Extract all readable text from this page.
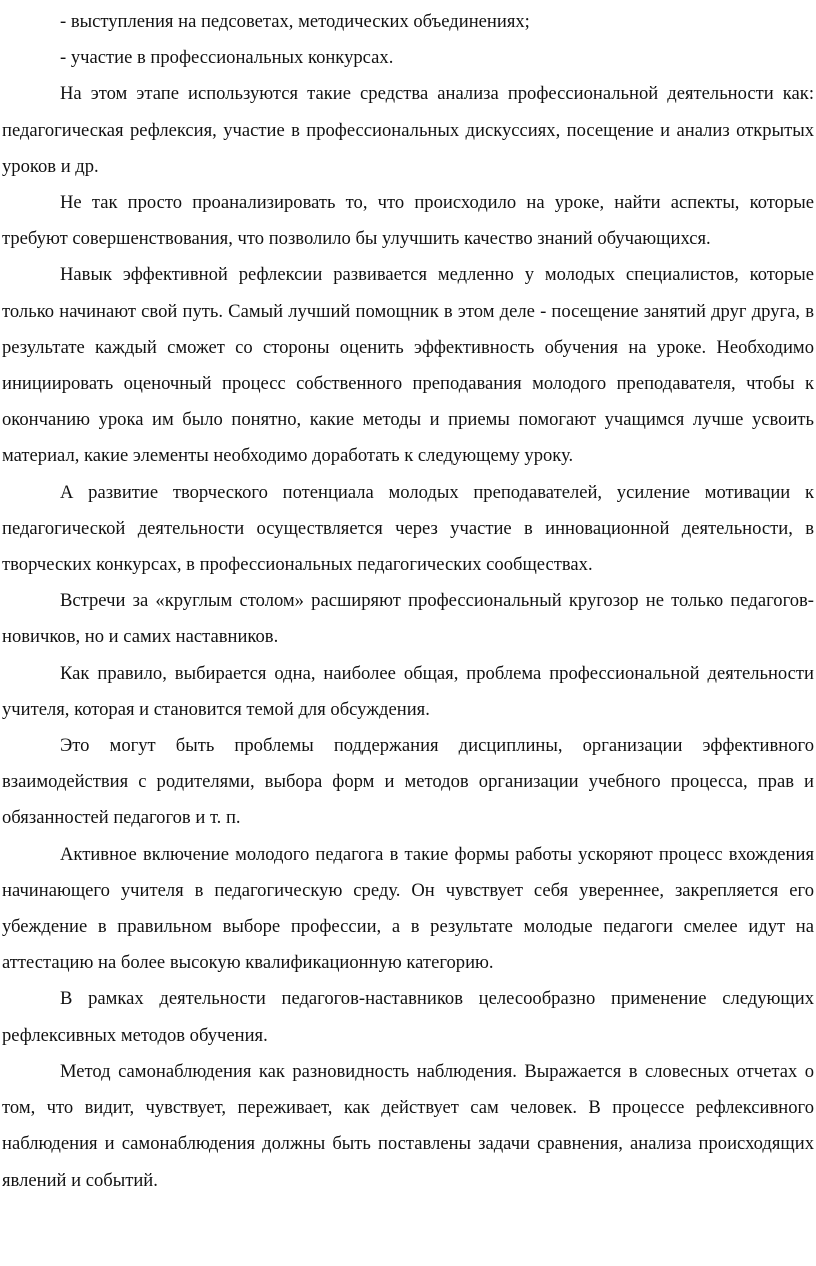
- выступления на педсоветах, методических объединениях;

- участие в профессиональных конкурсах.

На этом этапе используются такие средства анализа профессиональной деятельности как: педагогическая рефлексия, участие в профессиональных дискуссиях, посещение и анализ открытых уроков и др.

Не так просто проанализировать то, что происходило на уроке, найти аспекты, которые требуют совершенствования, что позволило бы улучшить качество знаний обучающихся.

Навык эффективной рефлексии развивается медленно у молодых специалистов, которые только начинают свой путь. Самый лучший помощник в этом деле - посещение занятий друг друга, в результате каждый сможет со стороны оценить эффективность обучения на уроке. Необходимо инициировать оценочный процесс собственного преподавания молодого преподавателя, чтобы к окончанию урока им было понятно, какие методы и приемы помогают учащимся лучше усвоить материал, какие элементы необходимо доработать к следующему уроку.

А развитие творческого потенциала молодых преподавателей, усиление мотивации к педагогической деятельности осуществляется через участие в инновационной деятельности, в творческих конкурсах, в профессиональных педагогических сообществах.

Встречи за «круглым столом» расширяют профессиональный кругозор не только педагогов-новичков, но и самих наставников.

Как правило, выбирается одна, наиболее общая, проблема профессиональной деятельности учителя, которая и становится темой для обсуждения.

Это могут быть проблемы поддержания дисциплины, организации эффективного взаимодействия с родителями, выбора форм и методов организации учебного процесса, прав и обязанностей педагогов и т. п.

Активное включение молодого педагога в такие формы работы ускоряют процесс вхождения начинающего учителя в педагогическую среду. Он чувствует себя увереннее, закрепляется его убеждение в правильном выборе профессии, а в результате молодые педагоги смелее идут на аттестацию на более высокую квалификационную категорию.

В рамках деятельности педагогов-наставников целесообразно применение следующих рефлексивных методов обучения.

Метод самонаблюдения как разновидность наблюдения. Выражается в словесных отчетах о том, что видит, чувствует, переживает, как действует сам человек. В процессе рефлексивного наблюдения и самонаблюдения должны быть поставлены задачи сравнения, анализа происходящих явлений и событий.
